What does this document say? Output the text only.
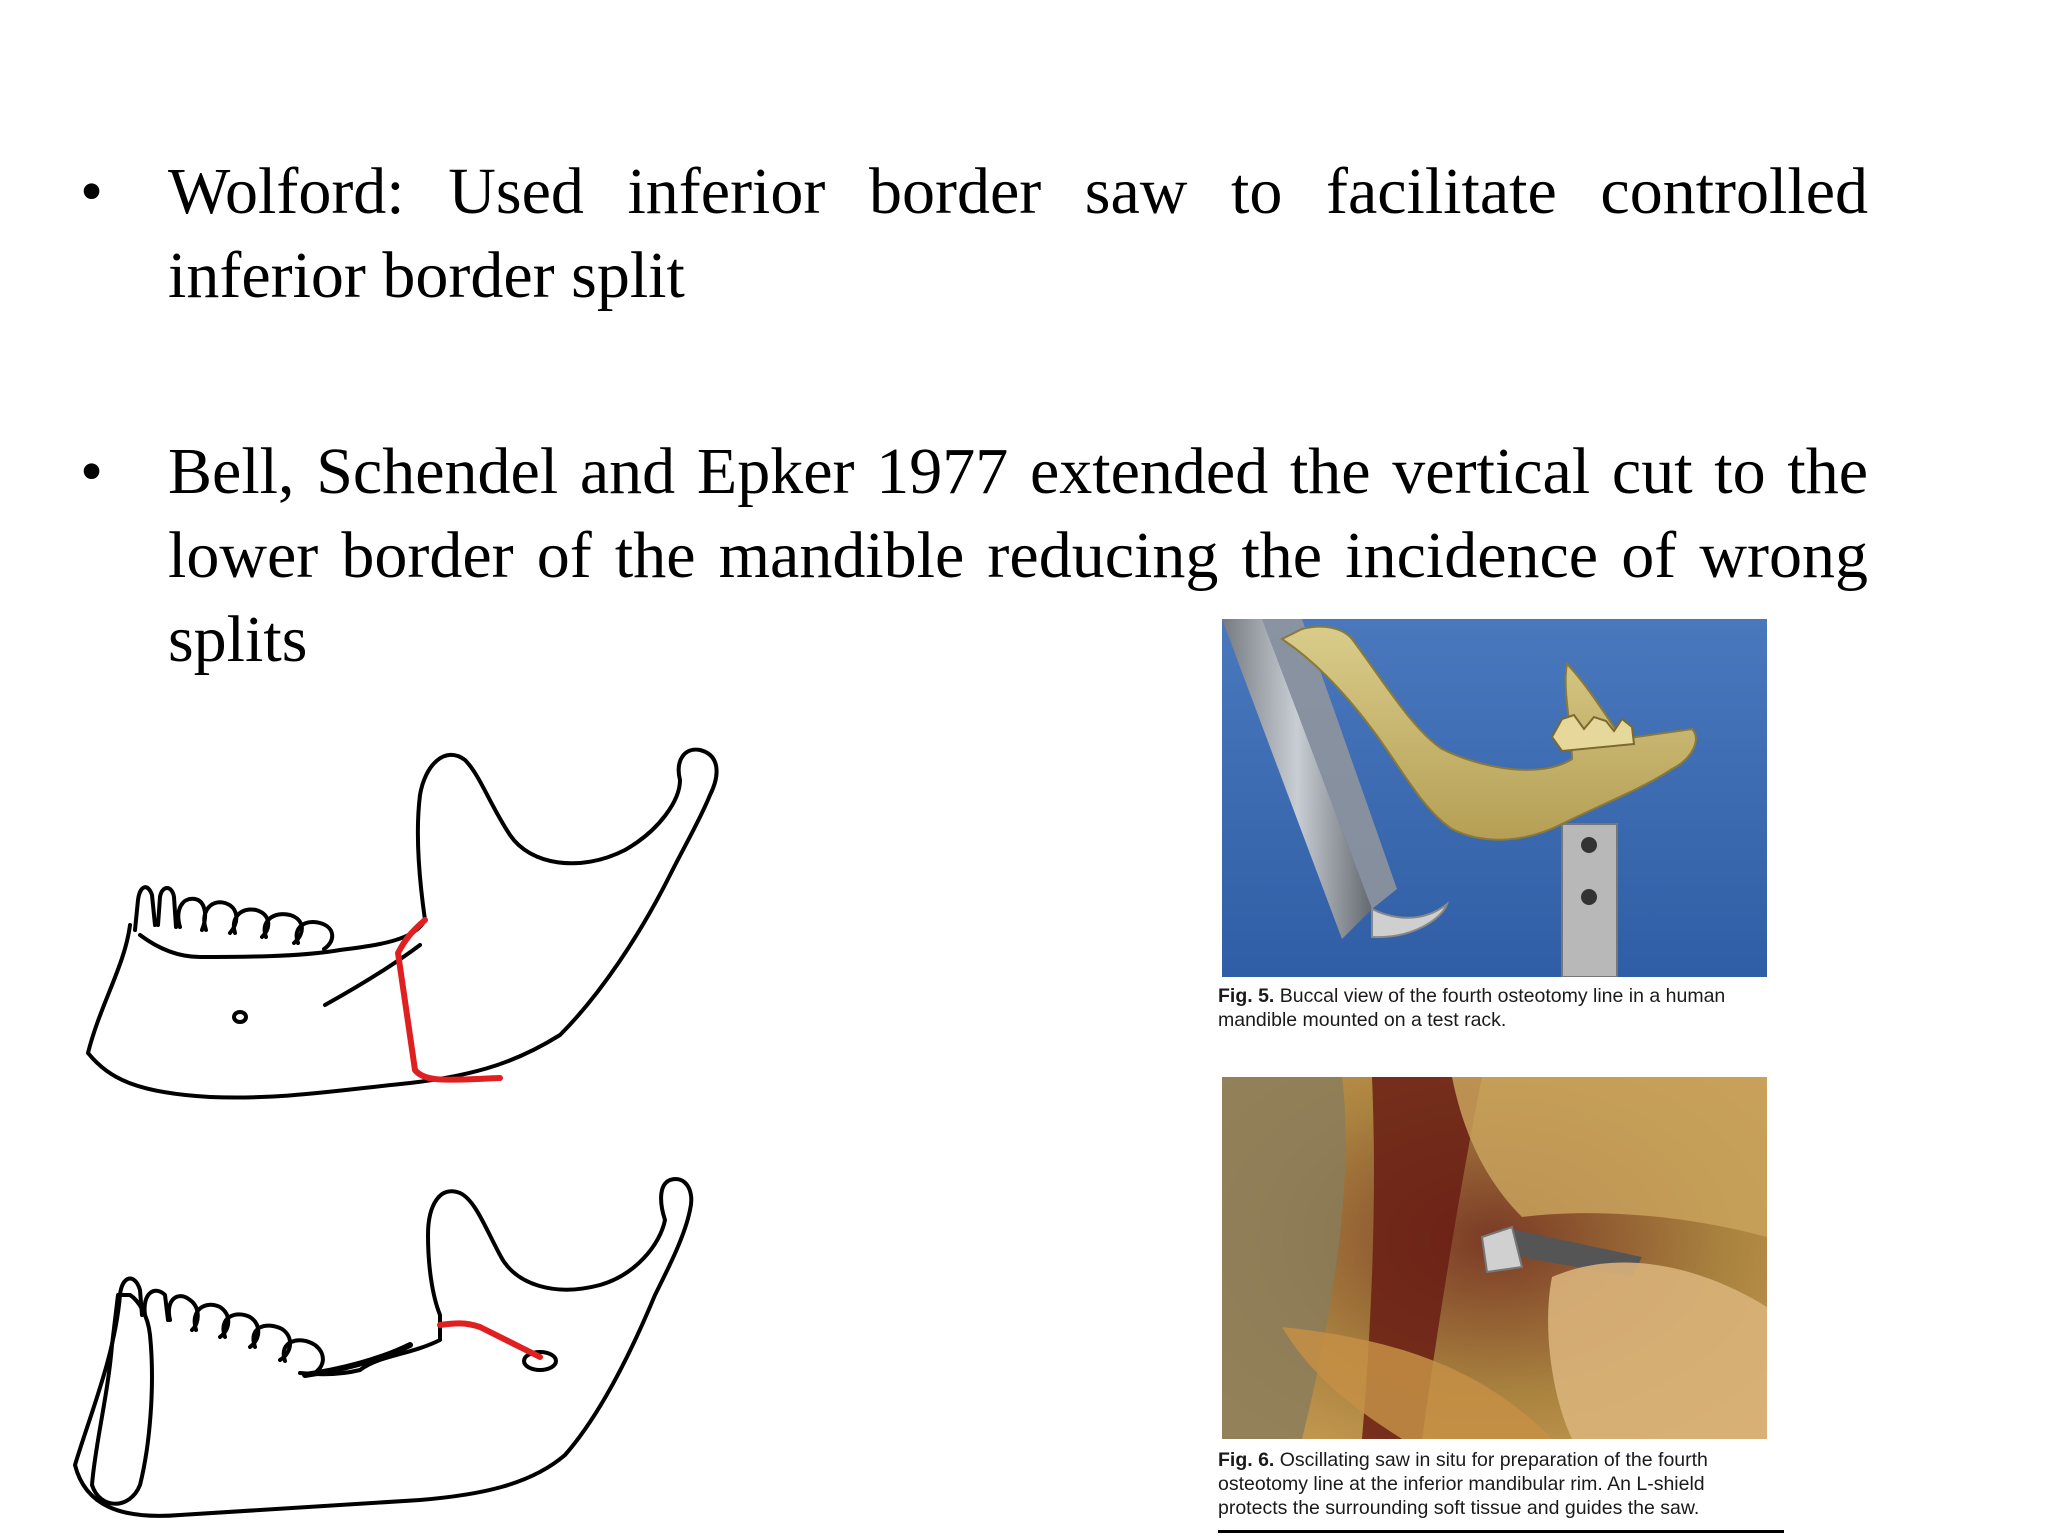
• Wolford: Used inferior border saw to facilitate controlled inferior border split
• Bell, Schendel and Epker 1977 extended the vertical cut to the lower border of the mandible reducing the incidence of wrong splits
Fig. 5. Buccal view of the fourth osteotomy line in a human mandible mounted on a test rack.
Fig. 6. Oscillating saw in situ for preparation of the fourth osteotomy line at the inferior mandibular rim. An L-shield protects the surrounding soft tissue and guides the saw.
